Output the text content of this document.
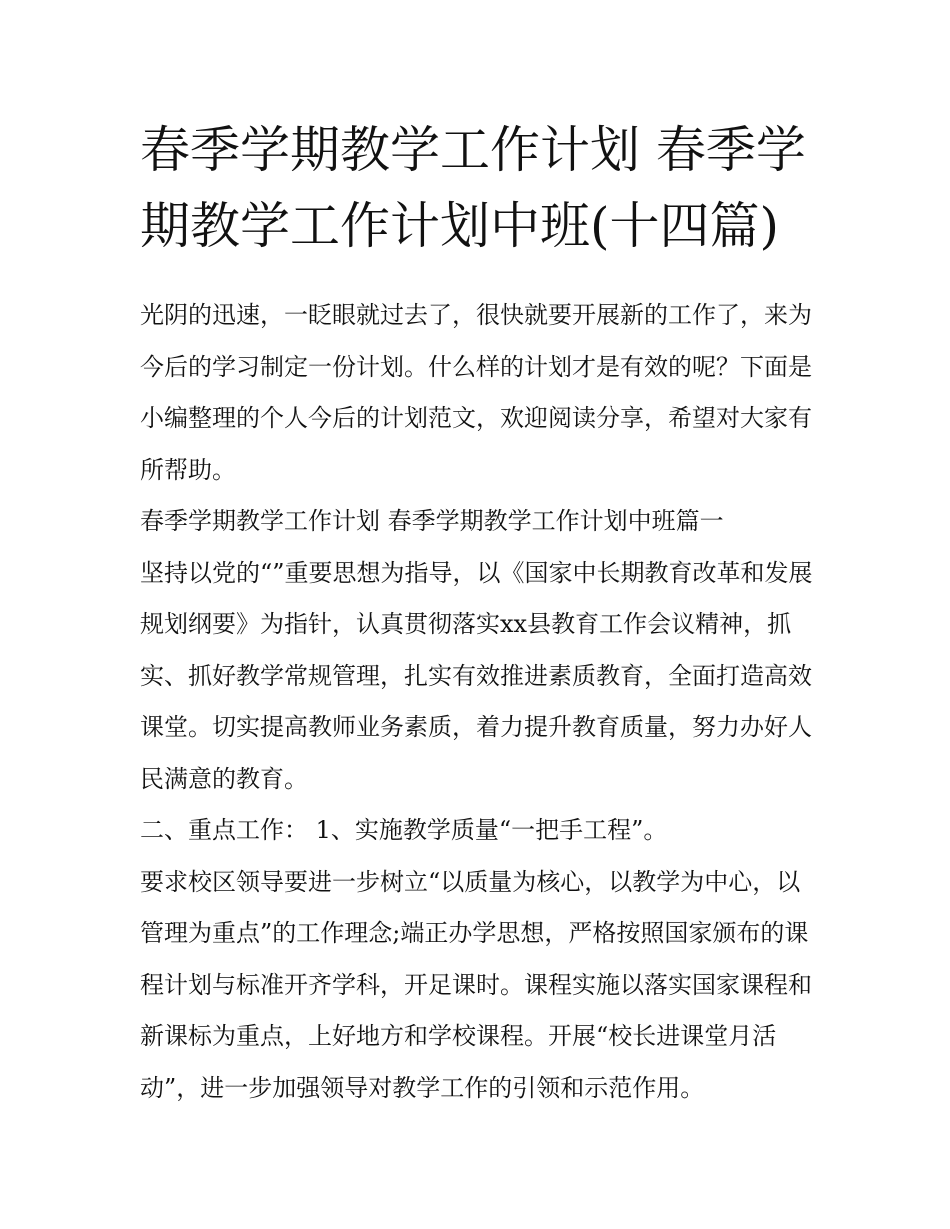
春季学期教学工作计划 春季学期教学工作计划中班(十四篇)

光阴的迅速，一眨眼就过去了，很快就要开展新的工作了，来为今后的学习制定一份计划。什么样的计划才是有效的呢？下面是小编整理的个人今后的计划范文，欢迎阅读分享，希望对大家有所帮助。

春季学期教学工作计划 春季学期教学工作计划中班篇一

坚持以党的“”重要思想为指导，以《国家中长期教育改革和发展规划纲要》为指针，认真贯彻落实xx县教育工作会议精神，抓实、抓好教学常规管理，扎实有效推进素质教育，全面打造高效课堂。切实提高教师业务素质，着力提升教育质量，努力办好人民满意的教育。

二、重点工作： 1、实施教学质量“一把手工程”。

要求校区领导要进一步树立“以质量为核心，以教学为中心，以管理为重点”的工作理念;端正办学思想，严格按照国家颁布的课程计划与标准开齐学科，开足课时。课程实施以落实国家课程和新课标为重点，上好地方和学校课程。开展“校长进课堂月活动”，进一步加强领导对教学工作的引领和示范作用。
